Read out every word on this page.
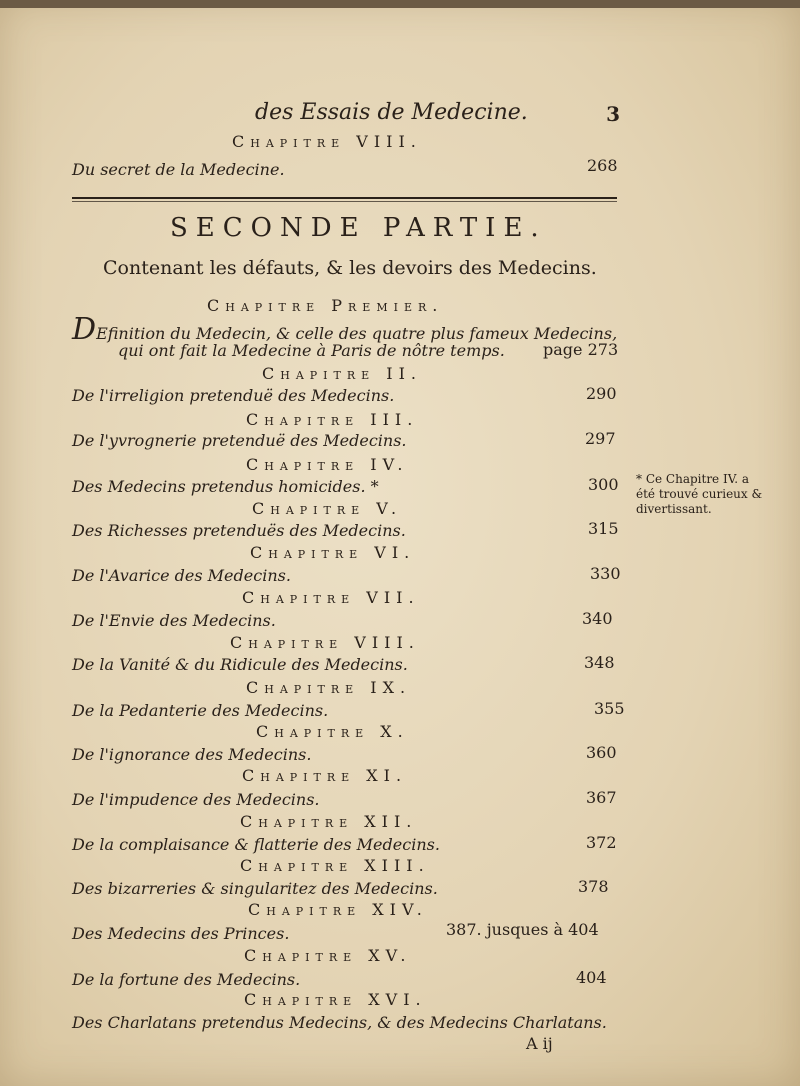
des Essais de Medecine.	3
Chapitre VIII.
Du secret de la Medecine.	268
SECONDE PARTIE.
Contenant les défauts, & les devoirs des Medecins.
Chapitre Premier.
DEfinition du Medecin, & celle des quatre plus fameux Medecins,
qui ont fait la Medecine à Paris de nôtre temps. page 273
Chapitre II.
De l'irreligion pretenduë des Medecins.	290
Chapitre III.
De l'yvrognerie pretenduë des Medecins.	297
Chapitre IV.
Des Medecins pretendus homicides. *	300
Chapitre V.
Des Richesses pretenduës des Medecins.	315
Chapitre VI.
De l'Avarice des Medecins.	330
Chapitre VII.
De l'Envie des Medecins.	340
Chapitre VIII.
De la Vanité & du Ridicule des Medecins.	348
Chapitre IX.
De la Pedanterie des Medecins.	355
Chapitre X.
De l'ignorance des Medecins.	360
Chapitre XI.
De l'impudence des Medecins.	367
Chapitre XII.
De la complaisance & flatterie des Medecins.	372
Chapitre XIII.
Des bizarreries & singularitez des Medecins.	378
Chapitre XIV.
Des Medecins des Princes.	387. jusques à 404
Chapitre XV.
De la fortune des Medecins.	404
Chapitre XVI.
Des Charlatans pretendus Medecins, & des Medecins Charlatans.
* Ce Chapitre IV. a été trouvé curieux & divertissant.
A ij
